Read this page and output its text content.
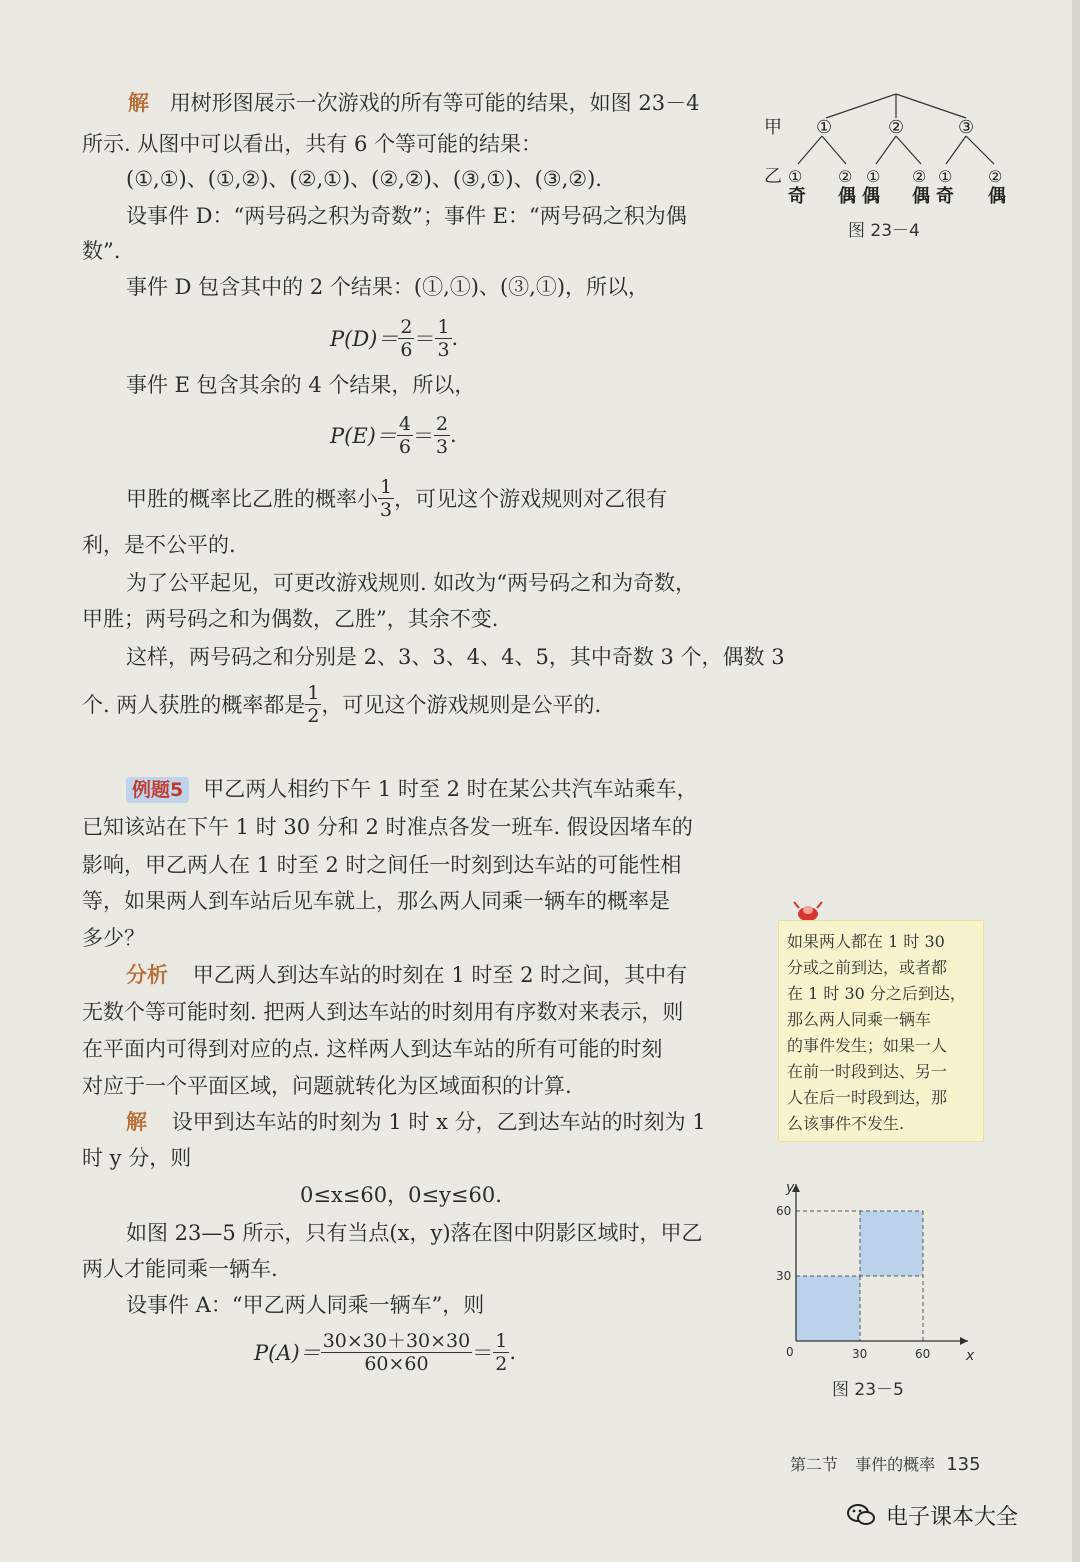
解 用树形图展示一次游戏的所有等可能的结果，如图 23－4
所示. 从图中可以看出，共有 6 个等可能的结果：
(①,①)、(①,②)、(②,①)、(②,②)、(③,①)、(③,②).
设事件 D：“两号码之积为奇数”；事件 E：“两号码之积为偶
数”.
事件 D 包含其中的 2 个结果：(①,①)、(③,①)，所以，
$P(D)= \frac{2}{6} = \frac{1}{3}$ .
事件 E 包含其余的 4 个结果，所以，
$P(E)= \frac{4}{6} = \frac{2}{3}$ .
甲胜的概率比乙胜的概率小 $\frac{1}{3}$ ，可见这个游戏规则对乙很有
利，是不公平的.
为了公平起见，可更改游戏规则. 如改为“两号码之和为奇数，
甲胜；两号码之和为偶数，乙胜”，其余不变.
这样，两号码之和分别是 2、3、3、4、4、5，其中奇数 3 个，偶数 3
个. 两人获胜的概率都是 $\frac{1}{2}$ ，可见这个游戏规则是公平的.
甲
乙
①	②	③
① ② ① ② ① ②
奇 偶 偶 偶 奇 偶
图 23－4
例题5 甲乙两人相约下午 1 时至 2 时在某公共汽车站乘车，
已知该站在下午 1 时 30 分和 2 时准点各发一班车. 假设因堵车的
影响，甲乙两人在 1 时至 2 时之间任一时刻到达车站的可能性相
等，如果两人到车站后见车就上，那么两人同乘一辆车的概率是
多少？
分析 甲乙两人到达车站的时刻在 1 时至 2 时之间，其中有
无数个等可能时刻. 把两人到达车站的时刻用有序数对来表示，则
在平面内可得到对应的点. 这样两人到达车站的所有可能的时刻
对应于一个平面区域，问题就转化为区域面积的计算.
解 设甲到达车站的时刻为 1 时 x 分，乙到达车站的时刻为 1
时 y 分，则
0≤x≤60，0≤y≤60.
如图 23—5 所示，只有当点(x，y)落在图中阴影区域时，甲乙
两人才能同乘一辆车.
设事件 A：“甲乙两人同乘一辆车”，则
$P(A)= \frac{30\times 30+30\times 30}{60\times 60} = \frac{1}{2}$ .
如果两人都在 1 时 30
分或之前到达，或者都
在 1 时 30 分之后到达，
那么两人同乘一辆车
的事件发生；如果一人
在前一时段到达、另一
人在后一时段到达，那
么该事件不发生.
y
x
0
30
60
30	60
图 23－5
第二节 事件的概率 135
电子课本大全
